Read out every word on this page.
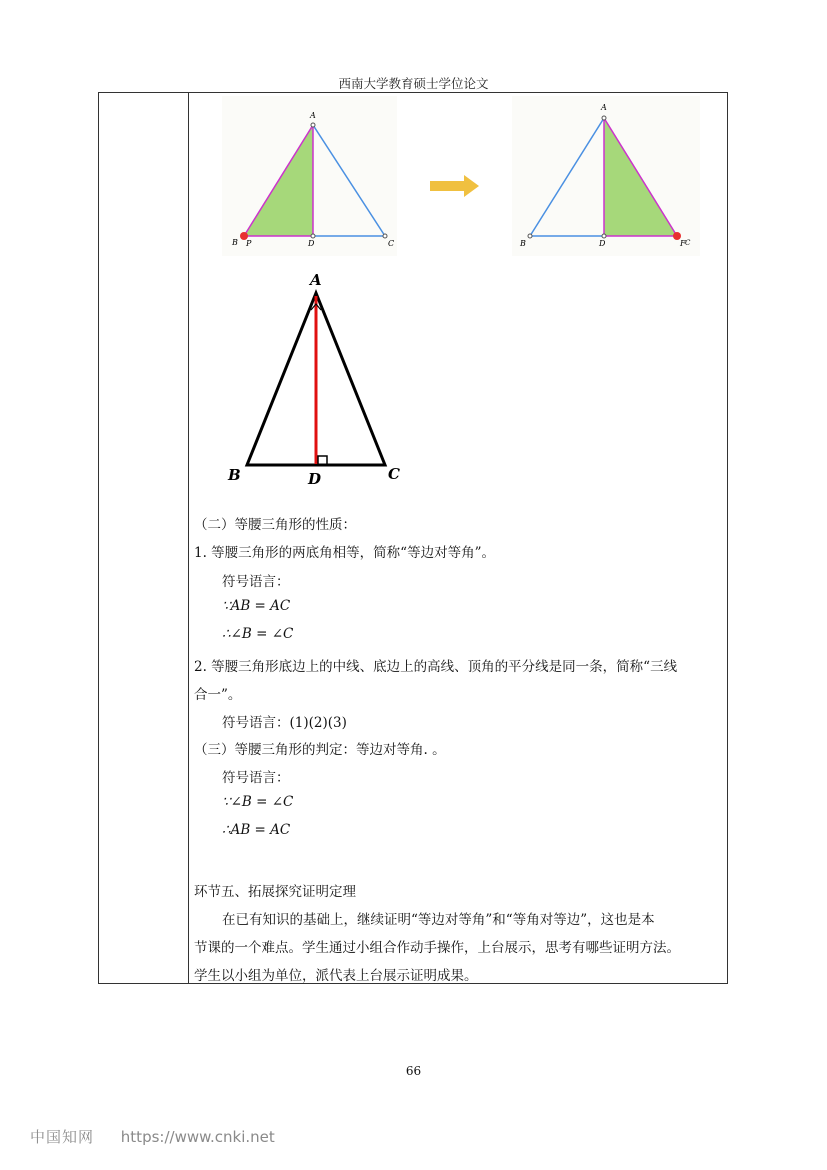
西南大学教育硕士学位论文
A
B P	D	C
A
B	D	F C
A
B	C
D
（二）等腰三角形的性质：
1. 等腰三角形的两底角相等，简称“等边对等角”。
符号语言：
∵AB = AC
∴∠B = ∠C
2. 等腰三角形底边上的中线、底边上的高线、顶角的平分线是同一条，简称“三线
合一”。
符号语言：(1)(2)(3)
（三）等腰三角形的判定：等边对等角. 。
符号语言：
∵∠B = ∠C
∴AB = AC
环节五、拓展探究证明定理
在已有知识的基础上，继续证明“等边对等角”和“等角对等边”，这也是本
节课的一个难点。学生通过小组合作动手操作，上台展示，思考有哪些证明方法。
学生以小组为单位，派代表上台展示证明成果。
66
中国知网 https://www.cnki.net
